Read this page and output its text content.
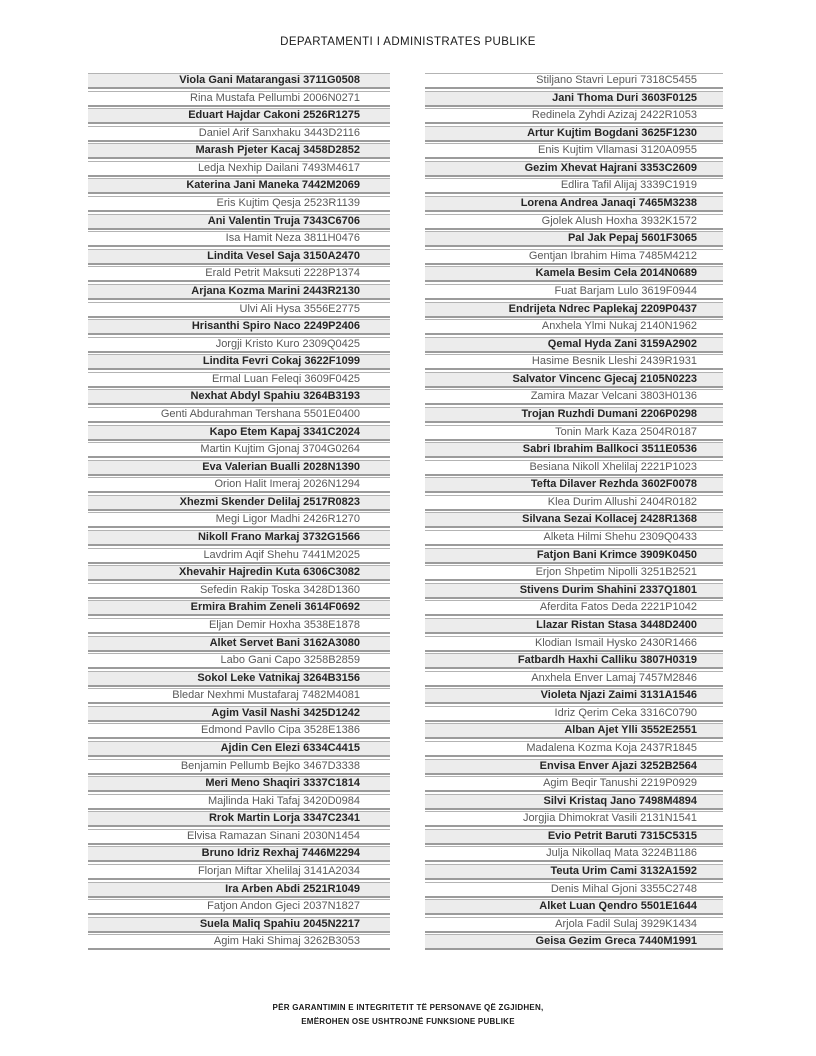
DEPARTAMENTI I ADMINISTRATES PUBLIKE
Viola Gani Matarangasi 3711G0508
Rina Mustafa Pellumbi 2006N0271
Eduart Hajdar Cakoni 2526R1275
Daniel Arif Sanxhaku 3443D2116
Marash Pjeter Kacaj 3458D2852
Ledja Nexhip Dailani 7493M4617
Katerina Jani Maneka 7442M2069
Eris Kujtim Qesja 2523R1139
Ani Valentin Truja 7343C6706
Isa Hamit Neza 3811H0476
Lindita Vesel Saja 3150A2470
Erald Petrit Maksuti 2228P1374
Arjana Kozma Marini 2443R2130
Ulvi Ali Hysa 3556E2775
Hrisanthi Spiro Naco 2249P2406
Jorgji Kristo Kuro 2309Q0425
Lindita Fevri Cokaj 3622F1099
Ermal Luan Feleqi 3609F0425
Nexhat Abdyl Spahiu 3264B3193
Genti Abdurahman Tershana 5501E0400
Kapo Etem Kapaj 3341C2024
Martin Kujtim Gjonaj 3704G0264
Eva Valerian Bualli 2028N1390
Orion Halit Imeraj 2026N1294
Xhezmi Skender Delilaj 2517R0823
Megi Ligor Madhi 2426R1270
Nikoll Frano Markaj 3732G1566
Lavdrim Aqif Shehu 7441M2025
Xhevahir Hajredin Kuta 6306C3082
Sefedin Rakip Toska 3428D1360
Ermira Brahim Zeneli 3614F0692
Eljan Demir Hoxha 3538E1878
Alket Servet Bani 3162A3080
Labo Gani Capo 3258B2859
Sokol Leke Vatnikaj 3264B3156
Bledar Nexhmi Mustafaraj 7482M4081
Agim Vasil Nashi 3425D1242
Edmond Pavllo Cipa 3528E1386
Ajdin Cen Elezi 6334C4415
Benjamin Pellumb Bejko 3467D3338
Meri Meno Shaqiri 3337C1814
Majlinda Haki Tafaj 3420D0984
Rrok Martin Lorja 3347C2341
Elvisa Ramazan Sinani 2030N1454
Bruno Idriz Rexhaj 7446M2294
Florjan Miftar Xhelilaj 3141A2034
Ira Arben Abdi 2521R1049
Fatjon Andon Gjeci 2037N1827
Suela Maliq Spahiu 2045N2217
Agim Haki Shimaj 3262B3053
Stiljano Stavri Lepuri 7318C5455
Jani Thoma Duri 3603F0125
Redinela Zyhdi Azizaj 2422R1053
Artur Kujtim Bogdani 3625F1230
Enis Kujtim Vllamasi 3120A0955
Gezim Xhevat Hajrani 3353C2609
Edlira Tafil Alijaj 3339C1919
Lorena Andrea Janaqi 7465M3238
Gjolek Alush Hoxha 3932K1572
Pal Jak Pepaj 5601F3065
Gentjan Ibrahim Hima 7485M4212
Kamela Besim Cela 2014N0689
Fuat Barjam Lulo 3619F0944
Endrijeta Ndrec Paplekaj 2209P0437
Anxhela Ylmi Nukaj 2140N1962
Qemal Hyda Zani 3159A2902
Hasime Besnik Lleshi 2439R1931
Salvator Vincenc Gjecaj 2105N0223
Zamira Mazar Velcani 3803H0136
Trojan Ruzhdi Dumani 2206P0298
Tonin Mark Kaza 2504R0187
Sabri Ibrahim Ballkoci 3511E0536
Besiana Nikoll Xhelilaj 2221P1023
Tefta Dilaver Rezhda 3602F0078
Klea Durim Allushi 2404R0182
Silvana Sezai Kollacej 2428R1368
Alketa Hilmi Shehu 2309Q0433
Fatjon Bani Krimce 3909K0450
Erjon Shpetim Nipolli 3251B2521
Stivens Durim Shahini 2337Q1801
Aferdita Fatos Deda 2221P1042
Llazar Ristan Stasa 3448D2400
Klodian Ismail Hysko 2430R1466
Fatbardh Haxhi Calliku 3807H0319
Anxhela Enver Lamaj 7457M2846
Violeta Njazi Zaimi 3131A1546
Idriz Qerim Ceka 3316C0790
Alban Ajet Ylli 3552E2551
Madalena Kozma Koja 2437R1845
Envisa Enver Ajazi 3252B2564
Agim Beqir Tanushi 2219P0929
Silvi Kristaq Jano 7498M4894
Jorgjia Dhimokrat Vasili 2131N1541
Evio Petrit Baruti 7315C5315
Julja Nikollaq Mata 3224B1186
Teuta Urim Cami 3132A1592
Denis Mihal Gjoni 3355C2748
Alket Luan Qendro 5501E1644
Arjola Fadil Sulaj 3929K1434
Geisa Gezim Greca 7440M1991
PËR GARANTIMIN E INTEGRITETIT TË PERSONAVE QË ZGJIDHEN,
EMËROHEN OSE USHTROJNË FUNKSIONE PUBLIKE
